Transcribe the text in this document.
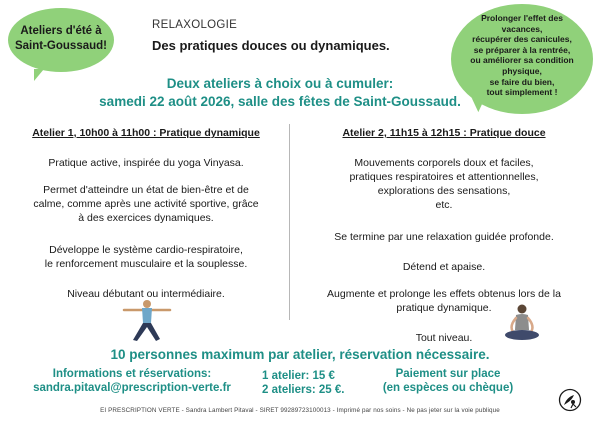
Ateliers d'été à
Saint-Goussaud!
RELAXOLOGIE
Des pratiques douces ou dynamiques.
Prolonger l'effet des
vacances,
récupérer des canicules,
se préparer à la rentrée,
ou améliorer sa condition
physique,
se faire du bien,
tout simplement !
Deux ateliers à choix ou à cumuler:
samedi 22 août 2026, salle des fêtes de Saint-Goussaud.
Atelier 1, 10h00 à 11h00 : Pratique dynamique
Pratique active, inspirée du yoga Vinyasa.
Permet d'atteindre un état de bien-être et de
calme, comme après une activité sportive, grâce
à des exercices dynamiques.
Développe le système cardio-respiratoire,
le renforcement musculaire et la souplesse.
Niveau débutant ou intermédiaire.
Atelier 2, 11h15 à 12h15 : Pratique douce
Mouvements corporels doux et faciles,
pratiques respiratoires et attentionnelles,
explorations des sensations,
etc.
Se termine par une relaxation guidée profonde.
Détend et apaise.
Augmente et prolonge les effets obtenus lors de la
pratique dynamique.
Tout niveau.
10 personnes maximum par atelier, réservation nécessaire.
Informations et réservations:
sandra.pitaval@prescription-verte.fr
1 atelier: 15 €
2 ateliers: 25 €.
Paiement sur place
(en espèces ou chèque)
EI PRESCRIPTION VERTE - Sandra Lambert Pitaval - SIRET 99289723100013 - Imprimé par nos soins - Ne pas jeter sur la voie publique
